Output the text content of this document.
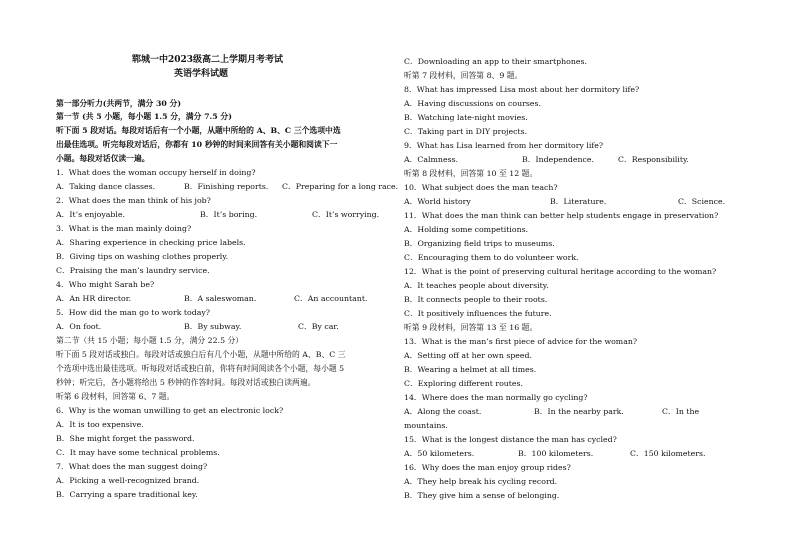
郓城一中2023级高二上学期月考考试
英语学科试题
第一部分听力(共两节，满分 30 分)
第一节 (共 5 小题，每小题 1.5 分，满分 7.5 分)
听下面 5 段对话。每段对话后有一个小题，从题中所给的 A、B、C 三个选项中选
出最佳选项。听完每段对话后，你都有 10 秒钟的时间来回答有关小题和阅读下一
小题。每段对话仅读一遍。
1．What does the woman occupy herself in doing?
A．Taking dance classes.	B．Finishing reports. C．Preparing for a long race.
2．What does the man think of his job?
A．It’s enjoyable.	B．It’s boring.	C．It’s worrying.
3．What is the man mainly doing?
A．Sharing experience in checking price labels.
B．Giving tips on washing clothes properly.
C．Praising the man’s laundry service.
4．Who might Sarah be?
A．An HR director.	B．A saleswoman.	C．An accountant.
5．How did the man go to work today?
A．On foot.	B．By subway.	C．By car.
第二节（共 15 小题；每小题 1.5 分，满分 22.5 分）
听下面 5 段对话或独白。每段对话或独白后有几个小题，从题中所给的 A、B、C 三
个选项中选出最佳选项。听每段对话或独白前，你将有时间阅读各个小题，每小题 5
秒钟；听完后，各小题将给出 5 秒钟的作答时间。每段对话或独白读两遍。
听第 6 段材料，回答第 6、7 题。
6．Why is the woman unwilling to get an electronic lock?
A．It is too expensive.
B．She might forget the password.
C．It may have some technical problems.
7．What does the man suggest doing?
A．Picking a well-recognized brand.
B．Carrying a spare traditional key.
C．Downloading an app to their smartphones.
听第 7 段材料，回答第 8、9 题。
8．What has impressed Lisa most about her dormitory life?
A．Having discussions on courses.
B．Watching late-night movies.
C．Taking part in DIY projects.
9．What has Lisa learned from her dormitory life?
A．Calmness.	B．Independence.	C．Responsibility.
听第 8 段材料，回答第 10 至 12 题。
10．What subject does the man teach?
A．World history	B．Literature.	C．Science.
11．What does the man think can better help students engage in preservation?
A．Holding some competitions.
B．Organizing field trips to museums.
C．Encouraging them to do volunteer work.
12．What is the point of preserving cultural heritage according to the woman?
A．It teaches people about diversity.
B．It connects people to their roots.
C．It positively influences the future.
听第 9 段材料，回答第 13 至 16 题。
13．What is the man’s first piece of advice for the woman?
A．Setting off at her own speed.
B．Wearing a helmet at all times.
C．Exploring different routes.
14．Where does the man normally go cycling?
A．Along the coast.	B．In the nearby park.	C．In the
mountains.
15．What is the longest distance the man has cycled?
A．50 kilometers.	B．100 kilometers.	C．150 kilometers.
16．Why does the man enjoy group rides?
A．They help break his cycling record.
B．They give him a sense of belonging.
